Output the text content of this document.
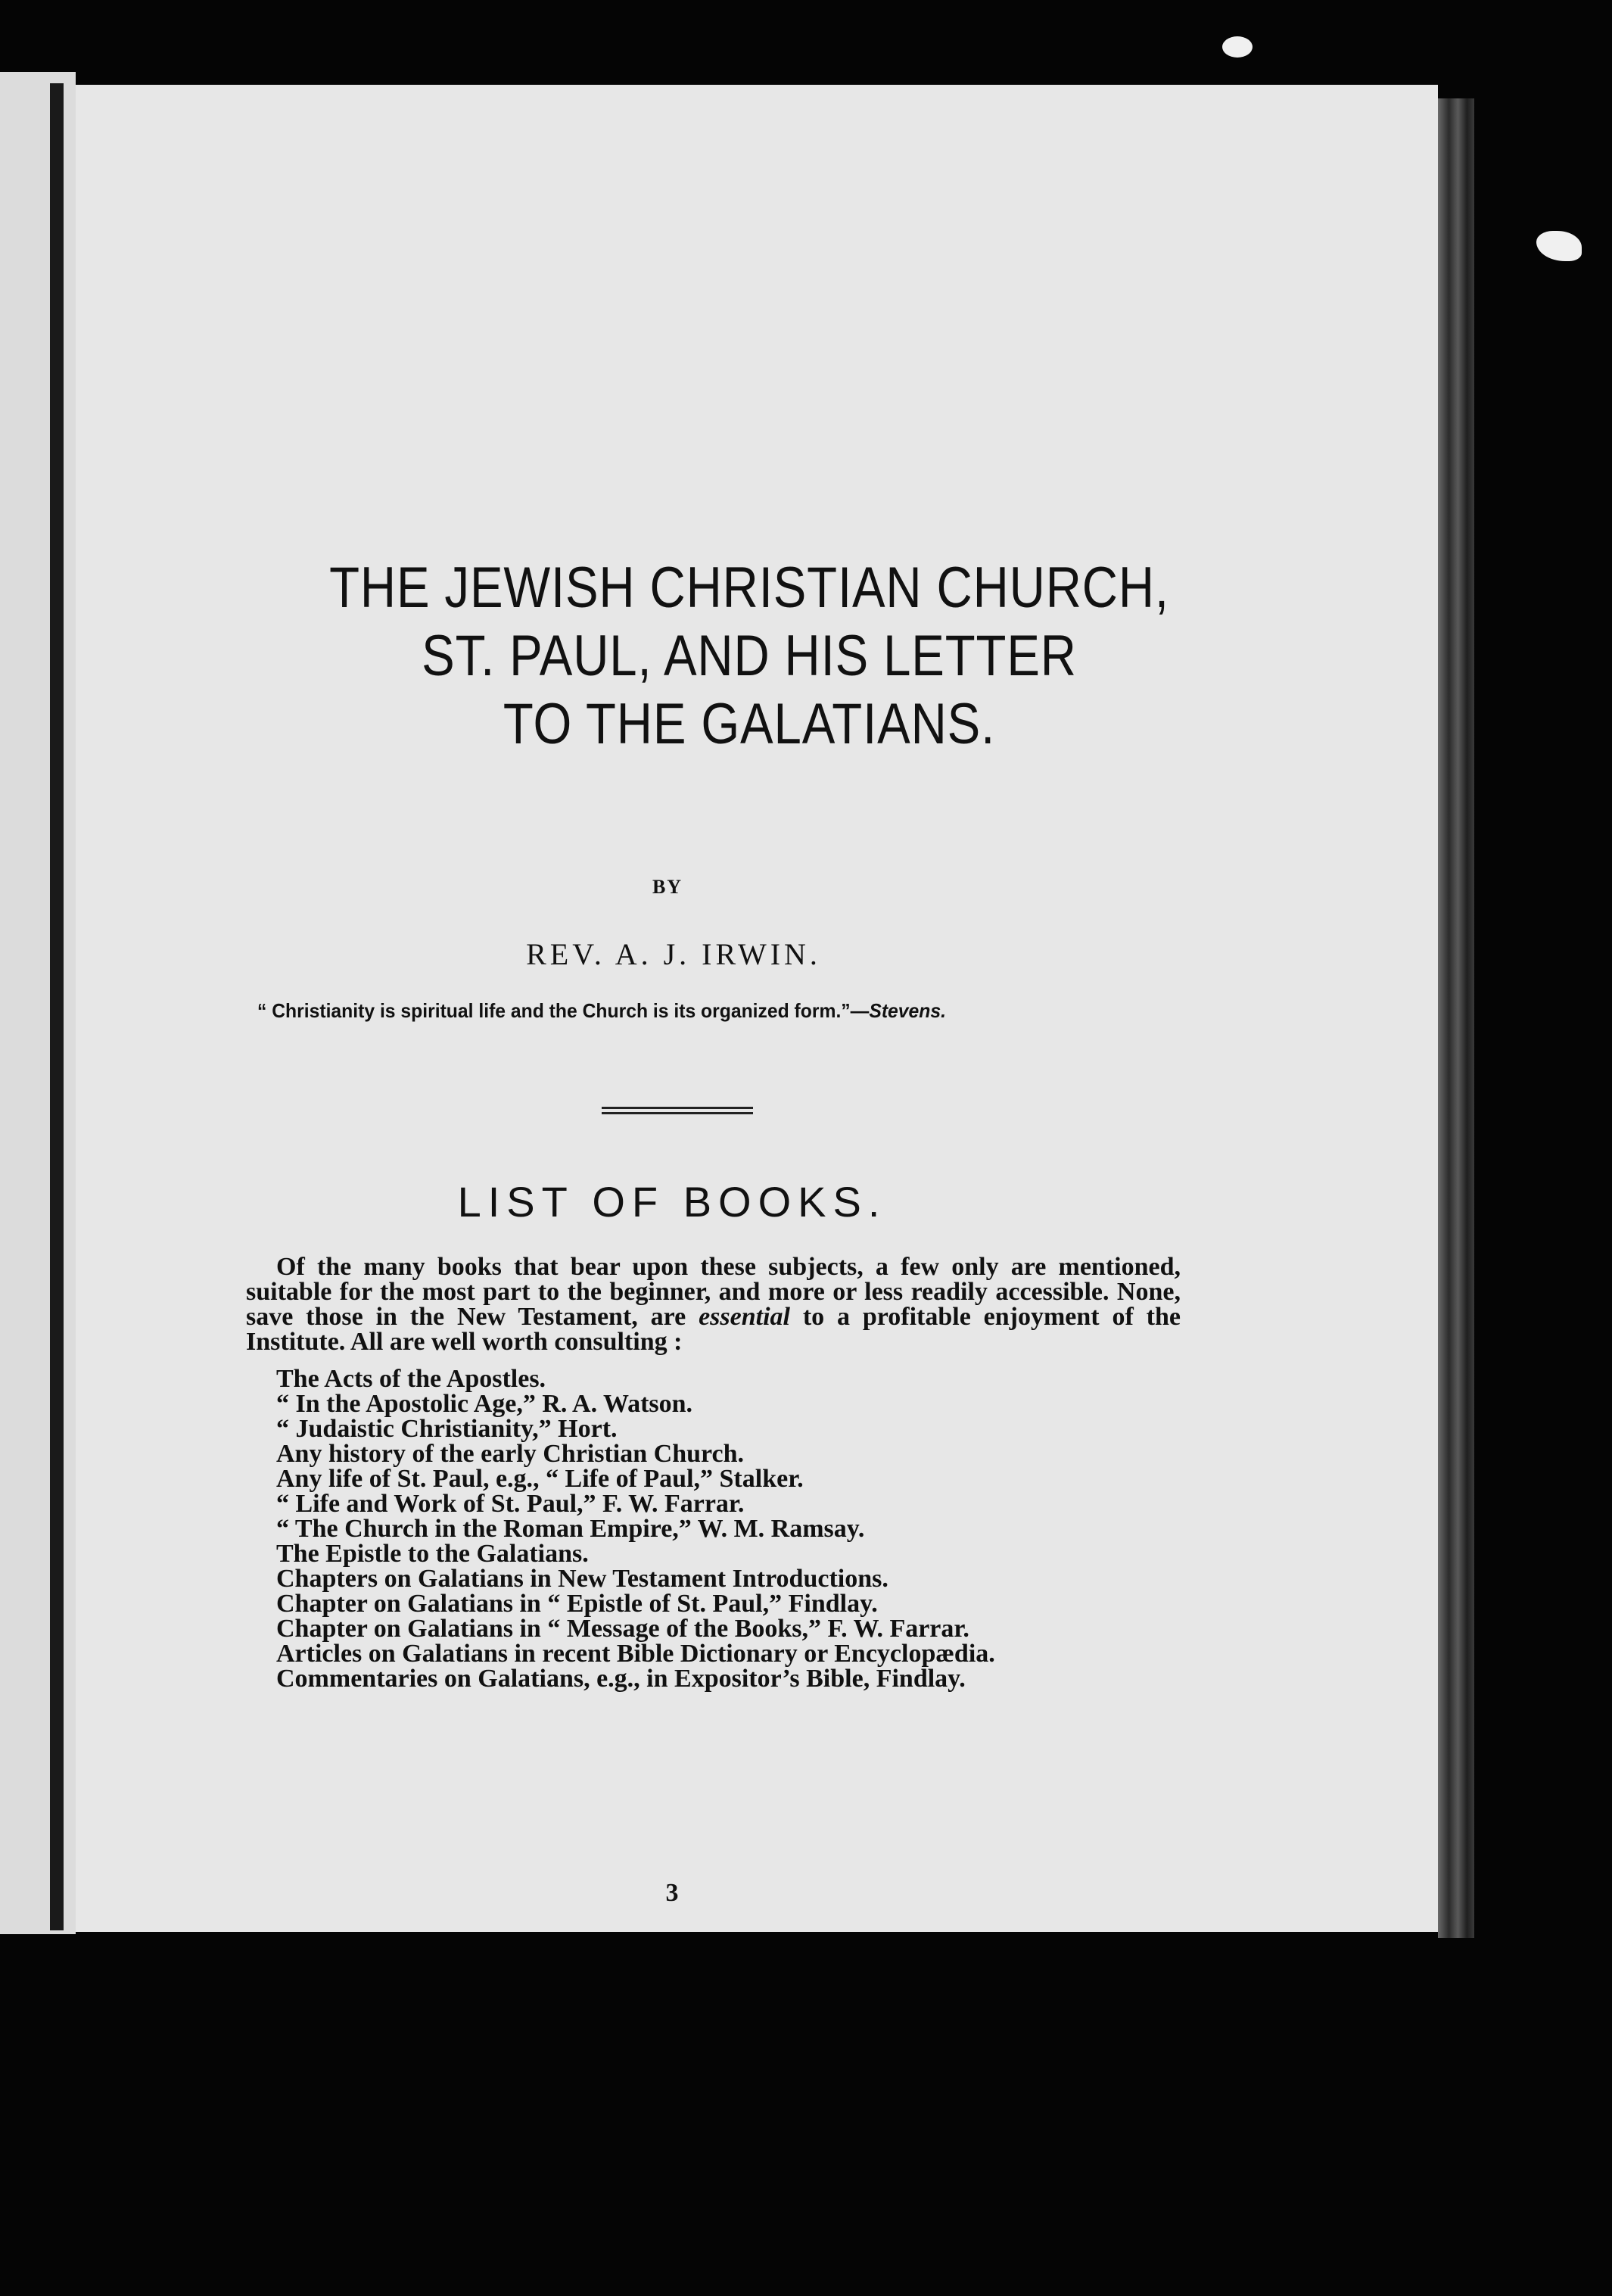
THE JEWISH CHRISTIAN CHURCH,
ST. PAUL, AND HIS LETTER
TO THE GALATIANS.
BY
REV. A. J. IRWIN.
“ Christianity is spiritual life and the Church is its organized form.”—Stevens.
LIST OF BOOKS.

Of the many books that bear upon these subjects, a few only are mentioned, suitable for the most part to the beginner, and more or less readily accessible. None, save those in the New Testament, are essential to a profitable enjoyment of the Institute. All are well worth consulting :

The Acts of the Apostles.
“ In the Apostolic Age,” R. A. Watson.
“ Judaistic Christianity,” Hort.
Any history of the early Christian Church.
Any life of St. Paul, e.g., “ Life of Paul,” Stalker.
“ Life and Work of St. Paul,” F. W. Farrar.
“ The Church in the Roman Empire,” W. M. Ramsay.
The Epistle to the Galatians.
Chapters on Galatians in New Testament Introductions.
Chapter on Galatians in “ Epistle of St. Paul,” Findlay.
Chapter on Galatians in “ Message of the Books,” F. W. Farrar.
Articles on Galatians in recent Bible Dictionary or Encyclopædia.
Commentaries on Galatians, e.g., in Expositor’s Bible, Findlay.
3
